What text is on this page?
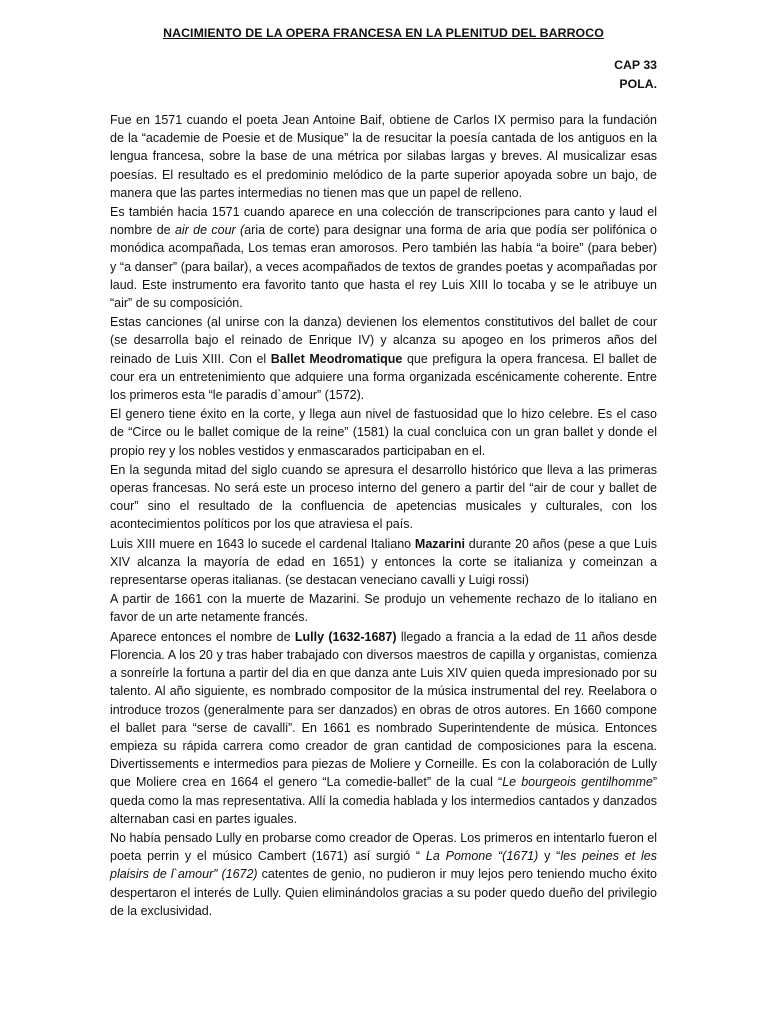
NACIMIENTO DE LA OPERA FRANCESA EN LA PLENITUD DEL BARROCO
CAP 33
POLA.

Fue en 1571 cuando el poeta Jean Antoine Baif, obtiene de Carlos IX permiso para la fundación de la “academie de Poesie et de Musique” la de resucitar la poesía cantada de los antiguos en la lengua francesa, sobre la base de una métrica por silabas largas y breves. Al musicalizar esas poesías. El resultado es el predominio melódico de la parte superior apoyada sobre un bajo, de manera que las partes intermedias no tienen mas que un papel de relleno.

Es también hacia 1571 cuando aparece en una colección de transcripciones para canto y laud el nombre de air de cour (aria de corte) para designar una forma de aria que podía ser polifónica o monódica acompañada, Los temas eran amorosos. Pero también las había “a boire” (para beber) y “a danser” (para bailar), a veces acompañados de textos de grandes poetas y acompañadas por laud. Este instrumento era favorito tanto que hasta el rey Luis XIII lo tocaba y se le atribuye un “air” de su composición.

Estas canciones (al unirse con la danza) devienen los elementos constitutivos del ballet de cour (se desarrolla bajo el reinado de Enrique IV) y alcanza su apogeo en los primeros años del reinado de Luis XIII. Con el Ballet Meodromatique que prefigura la opera francesa. El ballet de cour era un entretenimiento que adquiere una forma organizada escénicamente coherente. Entre los primeros esta “le paradis d`amour” (1572).

El genero tiene éxito en la corte, y llega aun nivel de fastuosidad que lo hizo celebre. Es el caso de “Circe ou le ballet comique de la reine” (1581) la cual concluica con un gran ballet y donde el propio rey y los nobles vestidos y enmascarados participaban en el.

En la segunda mitad del siglo cuando se apresura el desarrollo histórico que lleva a las primeras operas francesas. No será este un proceso interno del genero a partir del “air de cour y ballet de cour” sino el resultado de la confluencia de apetencias musicales y culturales, con los acontecimientos políticos por los que atraviesa el país.

Luis XIII muere en 1643 lo sucede el cardenal Italiano Mazarini durante 20 años (pese a que Luis XIV alcanza la mayoría de edad en 1651) y entonces la corte se italianiza y comeinzan a representarse operas italianas. (se destacan veneciano cavalli y Luigi rossi)

A partir de 1661 con la muerte de Mazarini. Se produjo un vehemente rechazo de lo italiano en favor de un arte netamente francés.

Aparece entonces el nombre de Lully (1632-1687) llegado a francia a la edad de 11 años desde Florencia. A los 20 y tras haber trabajado con diversos maestros de capilla y organistas, comienza a sonreírle la fortuna a partir del dia en que danza ante Luis XIV quien queda impresionado por su talento. Al año siguiente, es nombrado compositor de la música instrumental del rey. Reelabora o introduce trozos (generalmente para ser danzados) en obras de otros autores. En 1660 compone el ballet para “serse de cavalli”. En 1661 es nombrado Superintendente de música. Entonces empieza su rápida carrera como creador de gran cantidad de composiciones para la escena. Divertissements e intermedios para piezas de Moliere y Corneille. Es con la colaboración de Lully que Moliere crea en 1664 el genero “La comedie-ballet” de la cual “Le bourgeois gentilhomme” queda como la mas representativa. Allí la comedia hablada y los intermedios cantados y danzados alternaban casi en partes iguales.

No había pensado Lully en probarse como creador de Operas. Los primeros en intentarlo fueron el poeta perrin y el músico Cambert (1671) así surgió “ La Pomone “(1671) y “les peines et les plaisirs de l`amour” (1672) catentes de genio, no pudieron ir muy lejos pero teniendo mucho éxito despertaron el interés de Lully. Quien eliminándolos gracias a su poder quedo dueño del privilegio de la exclusividad.
